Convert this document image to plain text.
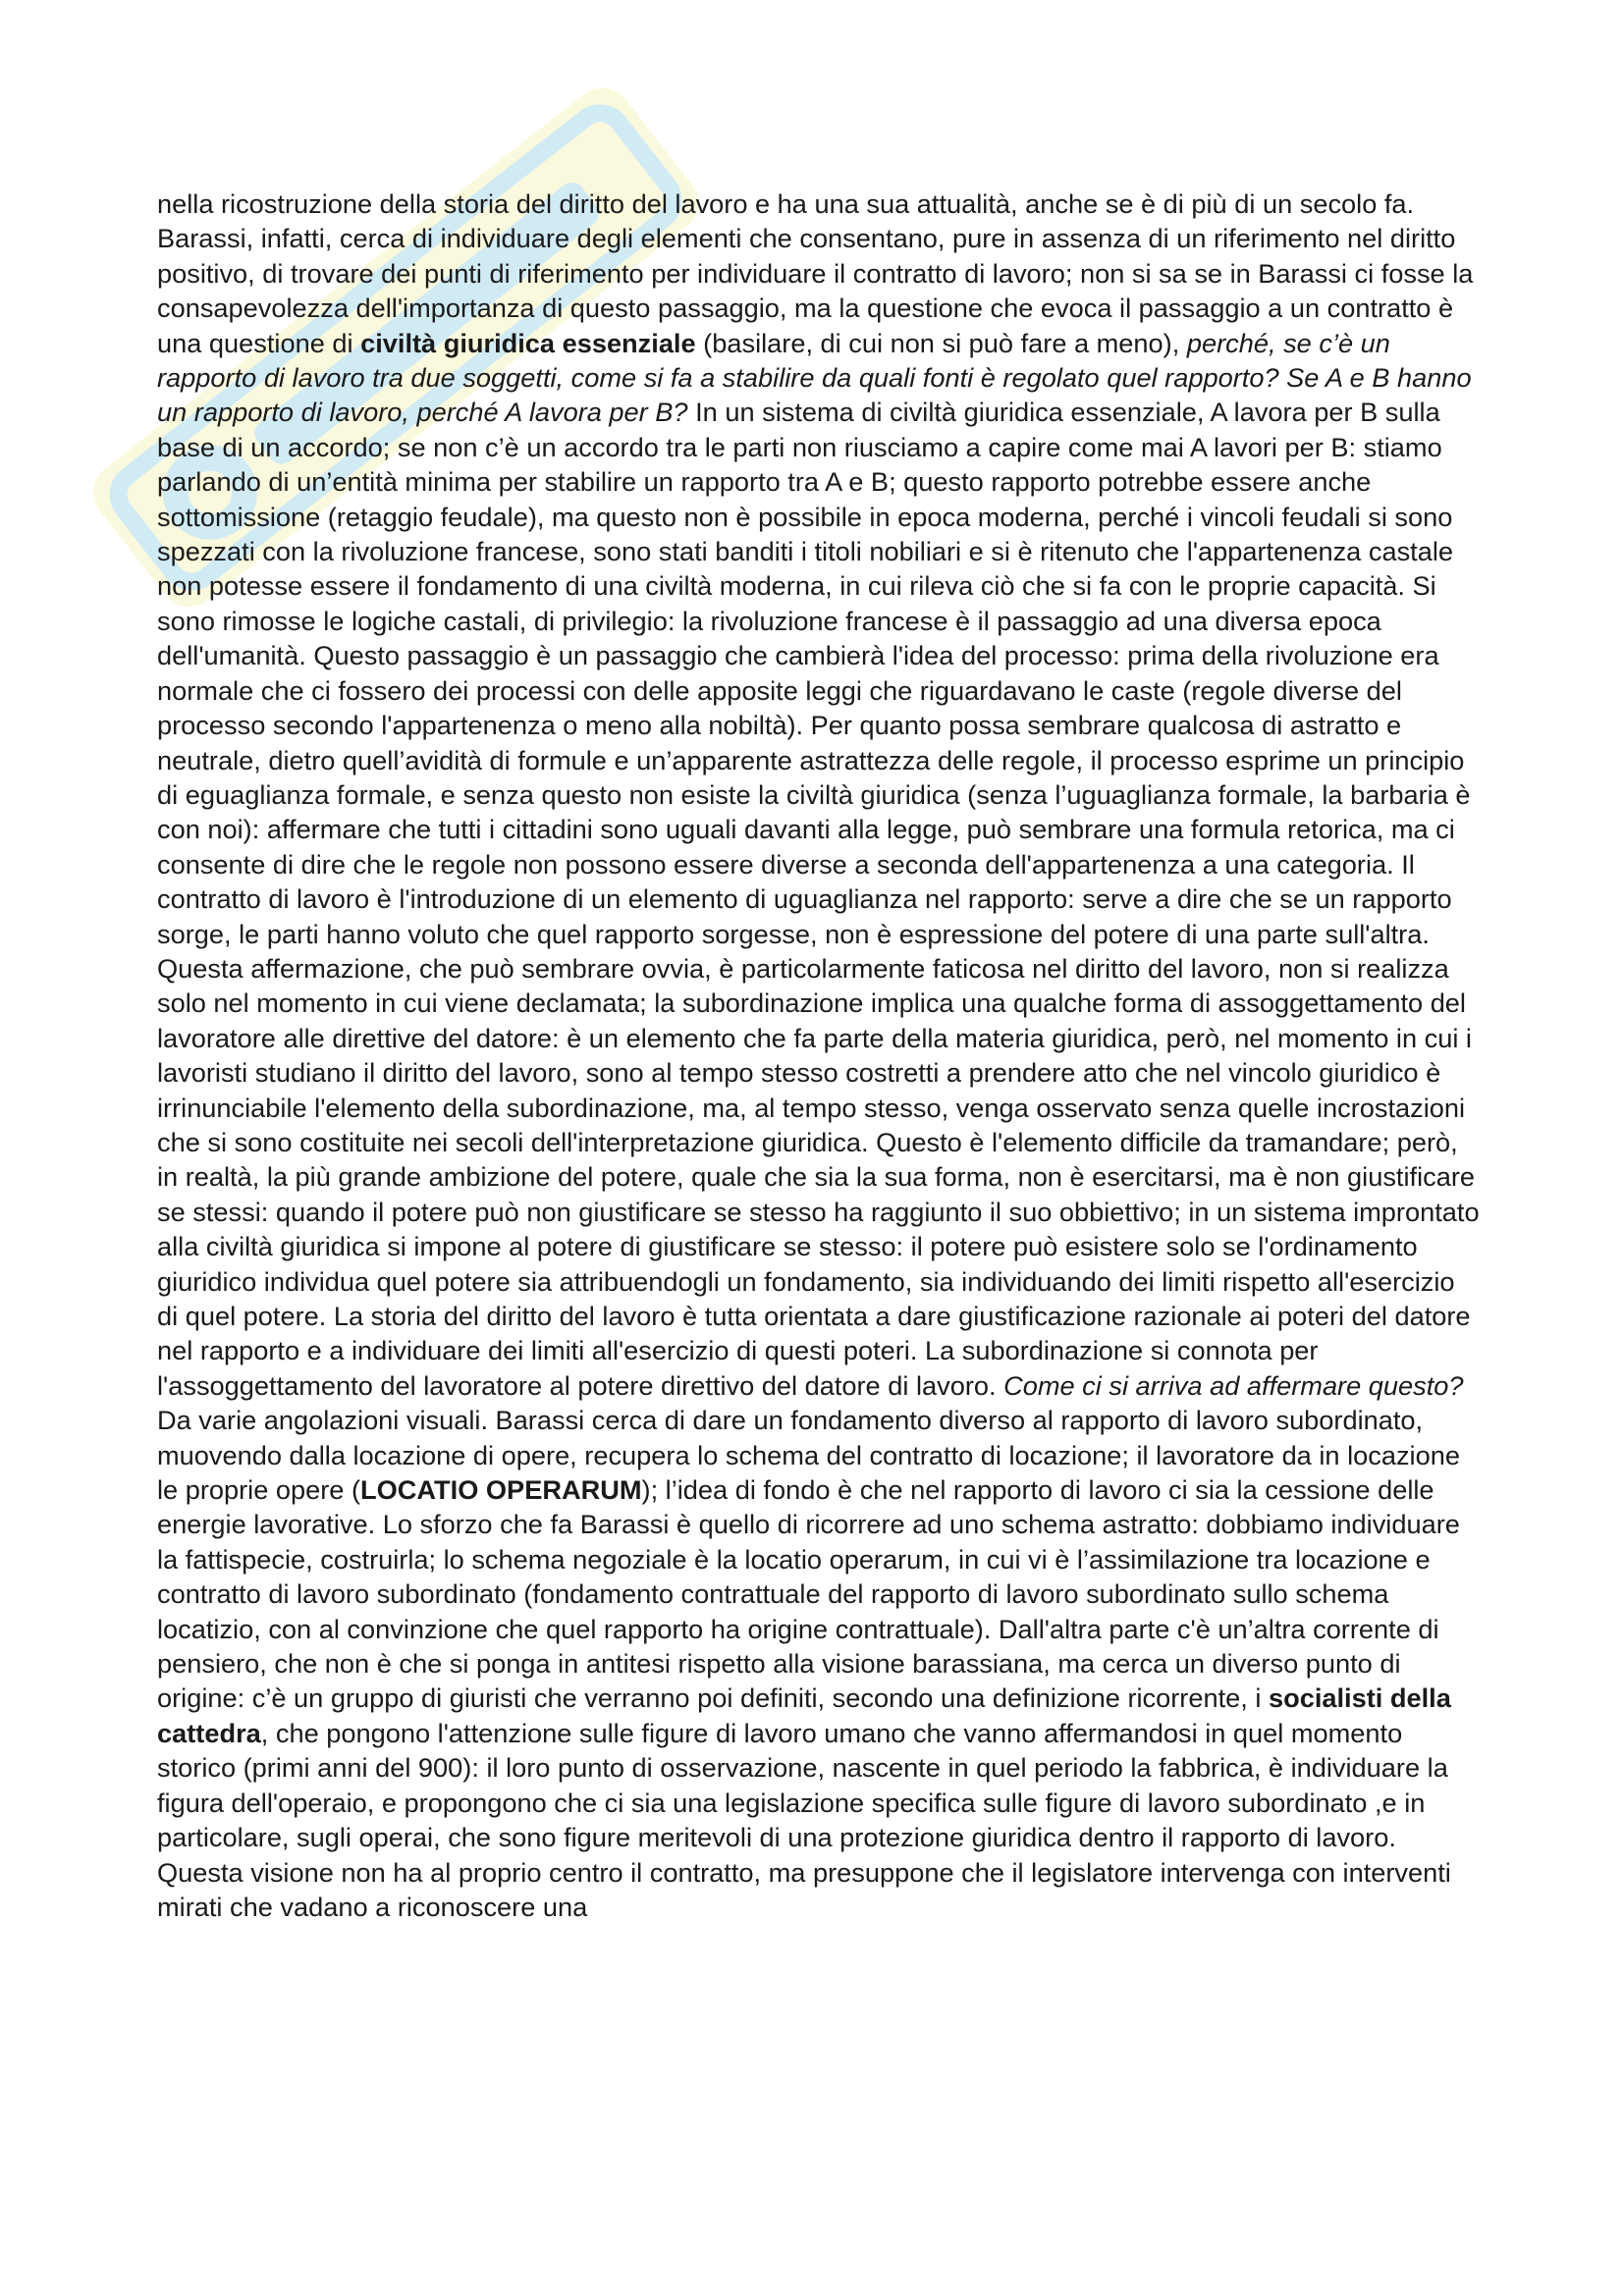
nella ricostruzione della storia del diritto del lavoro e ha una sua attualità, anche se è di più di un secolo fa. Barassi, infatti, cerca di individuare degli elementi che consentano, pure in assenza di un riferimento nel diritto positivo, di trovare dei punti di riferimento per individuare il contratto di lavoro; non si sa se in Barassi ci fosse la consapevolezza dell'importanza di questo passaggio, ma la questione che evoca il passaggio a un contratto è una questione di civiltà giuridica essenziale (basilare, di cui non si può fare a meno), perché, se c’è un rapporto di lavoro tra due soggetti, come si fa a stabilire da quali fonti è regolato quel rapporto? Se A e B hanno un rapporto di lavoro, perché A lavora per B? In un sistema di civiltà giuridica essenziale, A lavora per B sulla base di un accordo; se non c’è un accordo tra le parti non riusciamo a capire come mai A lavori per B: stiamo parlando di un’entità minima per stabilire un rapporto tra A e B; questo rapporto potrebbe essere anche sottomissione (retaggio feudale), ma questo non è possibile in epoca moderna, perché i vincoli feudali si sono spezzati con la rivoluzione francese, sono stati banditi i titoli nobiliari e si è ritenuto che l'appartenenza castale non potesse essere il fondamento di una civiltà moderna, in cui rileva ciò che si fa con le proprie capacità. Si sono rimosse le logiche castali, di privilegio: la rivoluzione francese è il passaggio ad una diversa epoca dell'umanità. Questo passaggio è un passaggio che cambierà l'idea del processo: prima della rivoluzione era normale che ci fossero dei processi con delle apposite leggi che riguardavano le caste (regole diverse del processo secondo l'appartenenza o meno alla nobiltà). Per quanto possa sembrare qualcosa di astratto e neutrale, dietro quell’avidità di formule e un’apparente astrattezza delle regole, il processo esprime un principio di eguaglianza formale, e senza questo non esiste la civiltà giuridica (senza l’uguaglianza formale, la barbaria è con noi): affermare che tutti i cittadini sono uguali davanti alla legge, può sembrare una formula retorica, ma ci consente di dire che le regole non possono essere diverse a seconda dell'appartenenza a una categoria. Il contratto di lavoro è l'introduzione di un elemento di uguaglianza nel rapporto: serve a dire che se un rapporto sorge, le parti hanno voluto che quel rapporto sorgesse, non è espressione del potere di una parte sull'altra. Questa affermazione, che può sembrare ovvia, è particolarmente faticosa nel diritto del lavoro, non si realizza solo nel momento in cui viene declamata; la subordinazione implica una qualche forma di assoggettamento del lavoratore alle direttive del datore: è un elemento che fa parte della materia giuridica, però, nel momento in cui i lavoristi studiano il diritto del lavoro, sono al tempo stesso costretti a prendere atto che nel vincolo giuridico è irrinunciabile l'elemento della subordinazione, ma, al tempo stesso, venga osservato senza quelle incrostazioni che si sono costituite nei secoli dell'interpretazione giuridica. Questo è l'elemento difficile da tramandare; però, in realtà, la più grande ambizione del potere, quale che sia la sua forma, non è esercitarsi, ma è non giustificare se stessi: quando il potere può non giustificare se stesso ha raggiunto il suo obbiettivo; in un sistema improntato alla civiltà giuridica si impone al potere di giustificare se stesso: il potere può esistere solo se l'ordinamento giuridico individua quel potere sia attribuendogli un fondamento, sia individuando dei limiti rispetto all'esercizio di quel potere. La storia del diritto del lavoro è tutta orientata a dare giustificazione razionale ai poteri del datore nel rapporto e a individuare dei limiti all'esercizio di questi poteri. La subordinazione si connota per l'assoggettamento del lavoratore al potere direttivo del datore di lavoro. Come ci si arriva ad affermare questo? Da varie angolazioni visuali. Barassi cerca di dare un fondamento diverso al rapporto di lavoro subordinato, muovendo dalla locazione di opere, recupera lo schema del contratto di locazione; il lavoratore da in locazione le proprie opere (LOCATIO OPERARUM); l’idea di fondo è che nel rapporto di lavoro ci sia la cessione delle energie lavorative. Lo sforzo che fa Barassi è quello di ricorrere ad uno schema astratto: dobbiamo individuare la fattispecie, costruirla; lo schema negoziale è la locatio operarum, in cui vi è l’assimilazione tra locazione e contratto di lavoro subordinato (fondamento contrattuale del rapporto di lavoro subordinato sullo schema locatizio, con al convinzione che quel rapporto ha origine contrattuale). Dall'altra parte c'è un’altra corrente di pensiero, che non è che si ponga in antitesi rispetto alla visione barassiana, ma cerca un diverso punto di origine: c’è un gruppo di giuristi che verranno poi definiti, secondo una definizione ricorrente, i socialisti della cattedra, che pongono l'attenzione sulle figure di lavoro umano che vanno affermandosi in quel momento storico (primi anni del 900): il loro punto di osservazione, nascente in quel periodo la fabbrica, è individuare la figura dell'operaio, e propongono che ci sia una legislazione specifica sulle figure di lavoro subordinato ,e in particolare, sugli operai, che sono figure meritevoli di una protezione giuridica dentro il rapporto di lavoro. Questa visione non ha al proprio centro il contratto, ma presuppone che il legislatore intervenga con interventi mirati che vadano a riconoscere una
